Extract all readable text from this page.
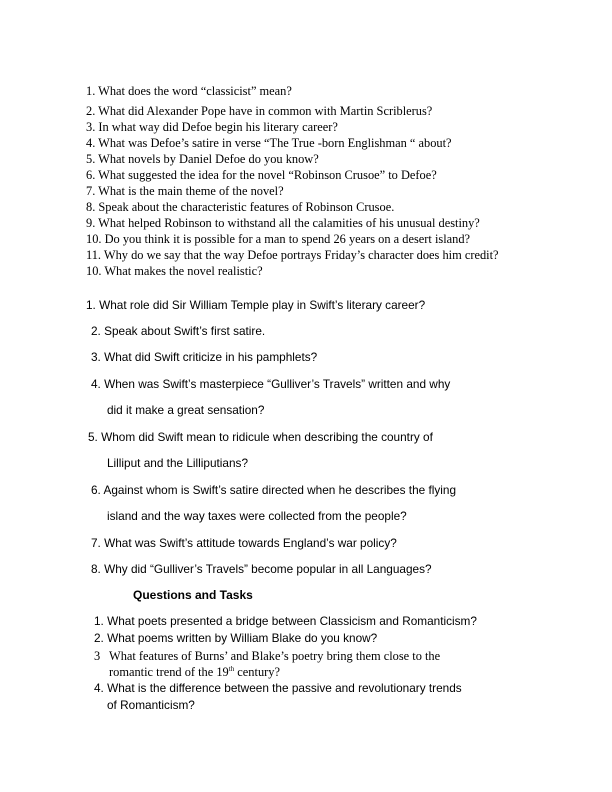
1. What does the word “classicist” mean?
2. What did Alexander Pope have in common with Martin Scriblerus?
3. In what way did Defoe begin his literary career?
4. What was Defoe’s satire in verse “The True -born Englishman “ about?
5. What novels by Daniel Defoe do you know?
6. What suggested the idea for the novel “Robinson Crusoe” to Defoe?
7. What is the main theme of the novel?
8. Speak about the characteristic features of Robinson Crusoe.
9. What helped Robinson to withstand all the calamities of his unusual destiny?
10. Do you think it is possible for a man to spend 26 years on a desert island?
11. Why do we say that the way Defoe portrays Friday’s character does him credit?
10. What makes the novel realistic?
1. What role did Sir William Temple play in Swift’s literary career?
2. Speak about Swift’s first satire.
3. What did Swift criticize in his pamphlets?
4. When was Swift’s masterpiece “Gulliver’s Travels” written and why
did it make a great sensation?
5. Whom did Swift mean to ridicule when describing the country of
Lilliput and the Lilliputians?
6. Against whom is Swift’s satire directed when he describes the flying
island and the way taxes were collected from the people?
7. What was Swift’s attitude towards England’s war policy?
8. Why did “Gulliver’s Travels” become popular in all Languages?
Questions and Tasks
1. What poets presented a bridge between Classicism and Romanticism?
2. What poems written by William Blake do you know?
3 What features of Burns’ and Blake’s poetry bring them close to the
romantic trend of the 19th century?
4. What is the difference between the passive and revolutionary trends
of Romanticism?
